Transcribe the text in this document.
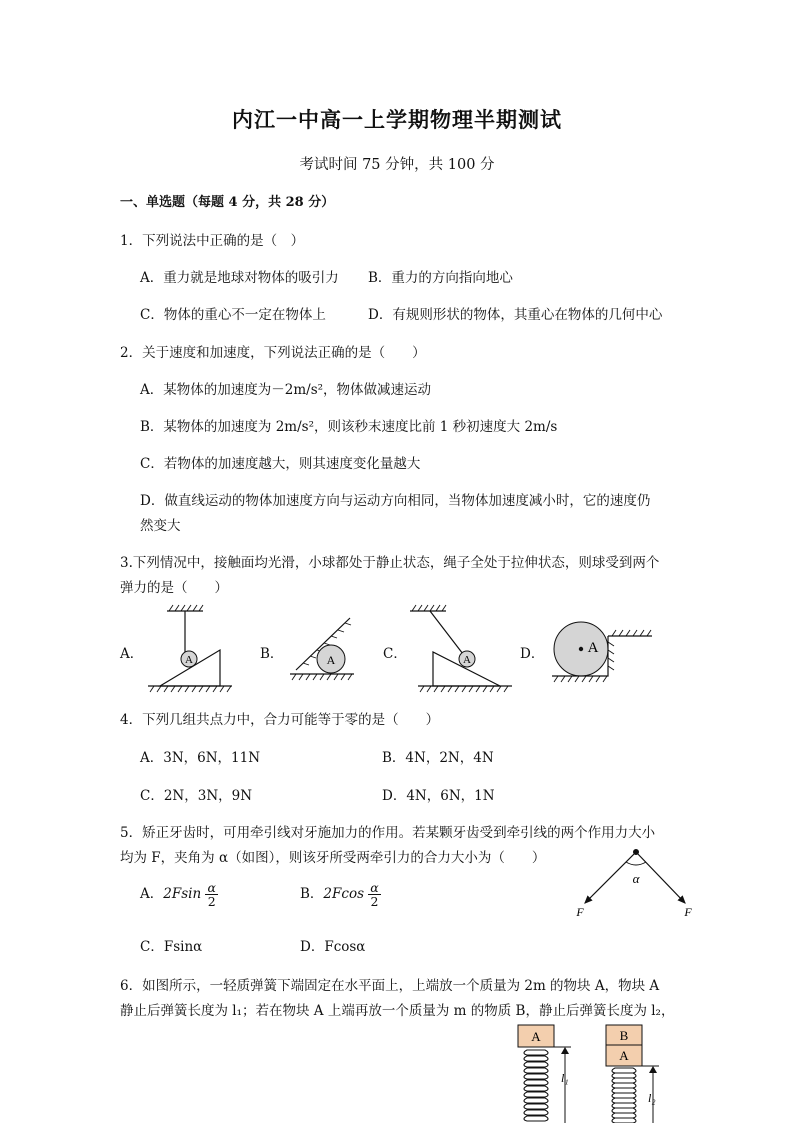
内江一中高一上学期物理半期测试
考试时间 75 分钟，共 100 分
一、单选题（每题 4 分，共 28 分）
1．下列说法中正确的是（　）
A．重力就是地球对物体的吸引力 B．重力的方向指向地心
C．物体的重心不一定在物体上	D．有规则形状的物体，其重心在物体的几何中心
2．关于速度和加速度，下列说法正确的是（　　）
A．某物体的加速度为－2m/s²，物体做减速运动
B．某物体的加速度为 2m/s²，则该秒末速度比前 1 秒初速度大 2m/s
C．若物体的加速度越大，则其速度变化量越大
D．做直线运动的物体加速度方向与运动方向相同，当物体加速度减小时，它的速度仍
然变大
3.下列情况中，接触面均光滑，小球都处于静止状态，绳子全处于拉伸状态，则球受到两个
弹力的是（　　）
A．	B．	C．	D．
A	A	A
A
4．下列几组共点力中，合力可能等于零的是（　　）
A．3N，6N，11N	B．4N，2N，4N
C．2N，3N，9N	D．4N，6N，1N
5．矫正牙齿时，可用牵引线对牙施加力的作用。若某颗牙齿受到牵引线的两个作用力大小
均为 F，夹角为 α（如图），则该牙所受两牵引力的合力大小为（　　）
A．$2Fsin \frac{\alpha}{2}$	B．$2Fcos \frac{\alpha}{2}$
C．Fsinα	D．Fcosα
α
F	F
6．如图所示，一轻质弹簧下端固定在水平面上，上端放一个质量为 2m 的物块 A，物块 A
静止后弹簧长度为 l₁；若在物块 A 上端再放一个质量为 m 的物质 B，静止后弹簧长度为 l₂，
A
l₁
B
A
l₂
